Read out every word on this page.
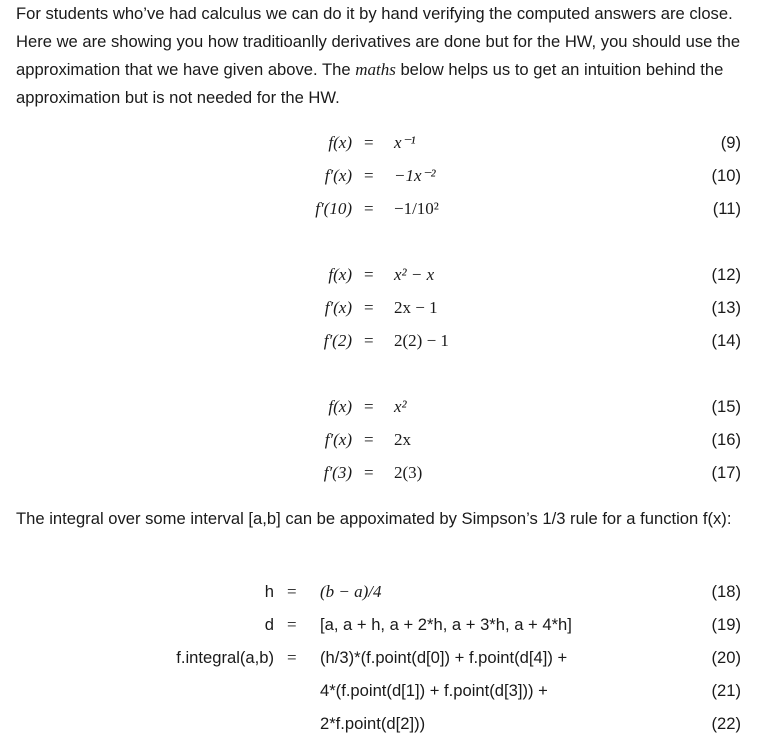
For students who’ve had calculus we can do it by hand verifying the computed answers are close. Here we are showing you how traditioanlly derivatives are done but for the HW, you should use the approximation that we have given above. The maths below helps us to get an intuition behind the approximation but is not needed for the HW.

f(x) = x⁻¹	(9)
f′(x) = −1x⁻²	(10)
f′(10) = −1/10²	(11)
f(x) = x² − x	(12)
f′(x) = 2x − 1	(13)
f′(2) = 2(2) − 1	(14)
f(x) = x²	(15)
f′(x) = 2x	(16)
f′(3) = 2(3)	(17)

The integral over some interval [a,b] can be appoximated by Simpson’s 1/3 rule for a function f(x):

h = (b − a)/4	(18)
d = [a, a + h, a + 2*h, a + 3*h, a + 4*h]	(19)
f.integral(a,b) = (h/3)*(f.point(d[0]) + f.point(d[4]) +	(20)
4*(f.point(d[1]) + f.point(d[3])) +	(21)
2*f.point(d[2]))	(22)
